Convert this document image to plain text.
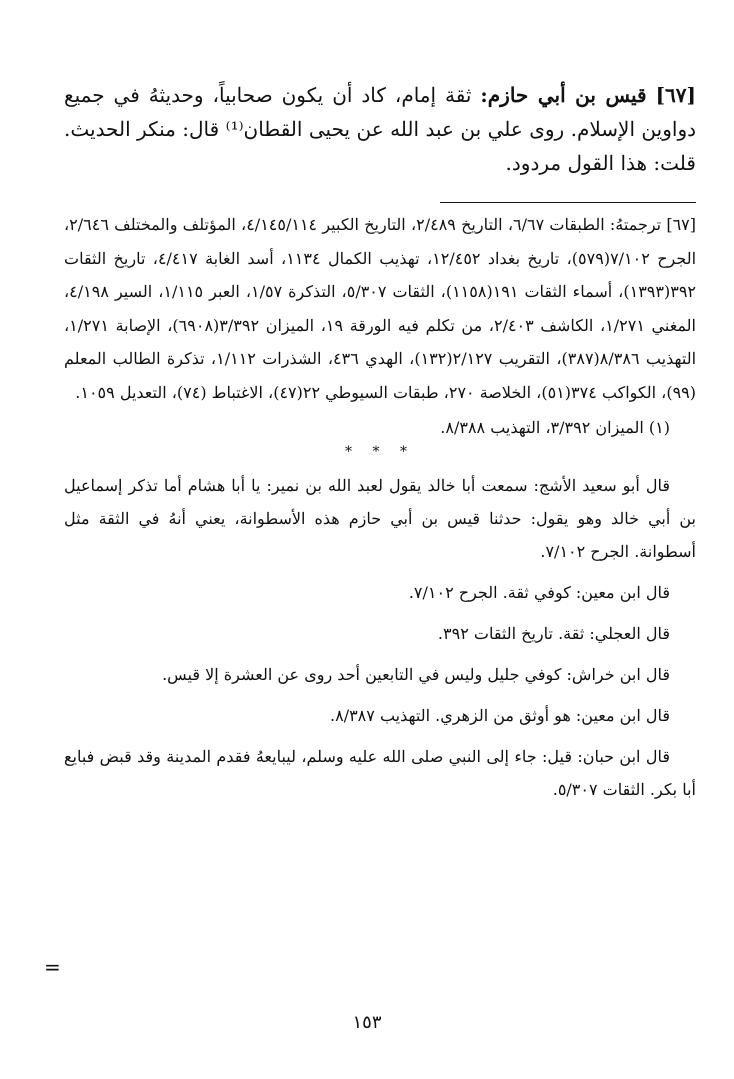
[٦٧] قيس بن أبي حازم: ثقة إمام، كاد أن يكون صحابياً، وحديثهُ في جميع دواوين الإسلام. روى علي بن عبد الله عن يحيى القطان⁽¹⁾ قال: منكر الحديث. قلت: هذا القول مردود.

[٦٧] ترجمتهُ: الطبقات ٦/٦٧، التاريخ ٢/٤٨٩، التاريخ الكبير ٤/١٤٥/١١٤، المؤتلف والمختلف ٢/٦٤٦، الجرح ٧/١٠٢(٥٧٩)، تاريخ بغداد ١٢/٤٥٢، تهذيب الكمال ١١٣٤، أسد الغابة ٤/٤١٧، تاريخ الثقات ٣٩٢(١٣٩٣)، أسماء الثقات ١٩١(١١٥٨)، الثقات ٥/٣٠٧، التذكرة ١/٥٧، العبر ١/١١٥، السير ٤/١٩٨، المغني ١/٢٧١، الكاشف ٢/٤٠٣، من تكلم فيه الورقة ١٩، الميزان ٣/٣٩٢(٦٩٠٨)، الإصابة ١/٢٧١، التهذيب ٨/٣٨٦(٣٨٧)، التقريب ٢/١٢٧(١٣٢)، الهدي ٤٣٦، الشذرات ١/١١٢، تذكرة الطالب المعلم (٩٩)، الكواكب ٣٧٤(٥١)، الخلاصة ٢٧٠، طبقات السيوطي ٢٢(٤٧)، الاغتباط (٧٤)، التعديل ١٠٥٩.

(١) الميزان ٣/٣٩٢، التهذيب ٨/٣٨٨.

* * *

قال أبو سعيد الأشج: سمعت أبا خالد يقول لعبد الله بن نمير: يا أبا هشام أما تذكر إسماعيل بن أبي خالد وهو يقول: حدثنا قيس بن أبي حازم هذه الأسطوانة، يعني أنهُ في الثقة مثل أسطوانة. الجرح ٧/١٠٢.

قال ابن معين: كوفي ثقة. الجرح ٧/١٠٢.

قال العجلي: ثقة. تاريخ الثقات ٣٩٢.

قال ابن خراش: كوفي جليل وليس في التابعين أحد روى عن العشرة إلا قيس.

قال ابن معين: هو أوثق من الزهري. التهذيب ٨/٣٨٧.

قال ابن حبان: قيل: جاء إلى النبي صلى الله عليه وسلم، ليبايعهُ فقدم المدينة وقد قبض فبايع أبا بكر. الثقات ٥/٣٠٧.

=
١٥٣
